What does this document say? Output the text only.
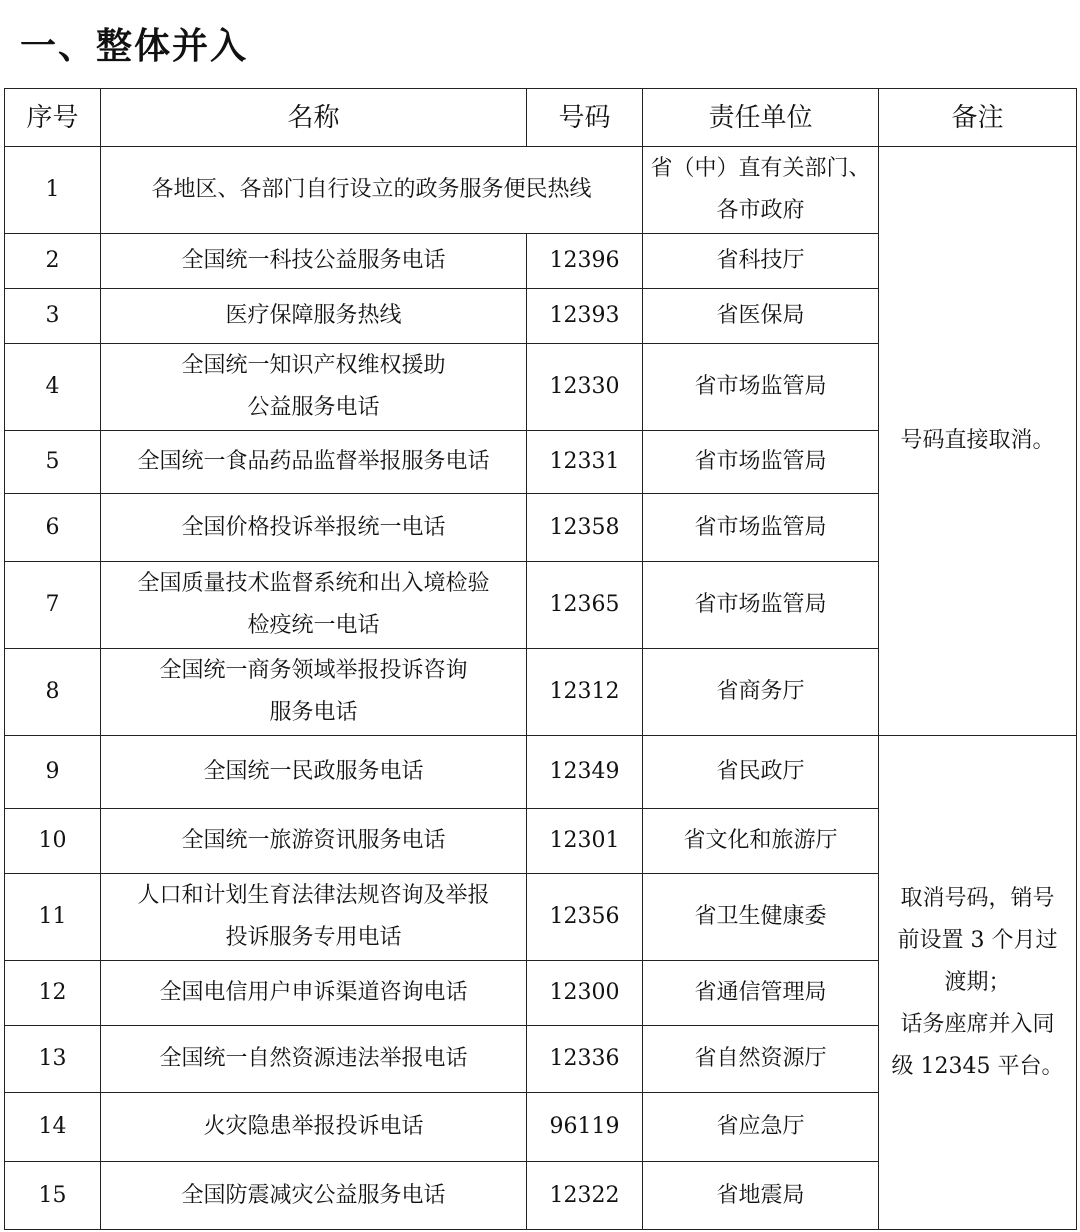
一、整体并入
序号	名称	号码	责任单位	备注
1	各地区、各部门自行设立的政务服务便民热线		省（中）直有关部门、
各市政府	号码直接取消。

2	全国统一科技公益服务电话	12396	省科技厅	

3	医疗保障服务热线	12393	省医保局	

4	全国统一知识产权维权援助
公益服务电话	12330	省市场监管局	

5	全国统一食品药品监督举报服务电话	12331	省市场监管局	

6	全国价格投诉举报统一电话	12358	省市场监管局	

7	全国质量技术监督系统和出入境检验
检疫统一电话	12365	省市场监管局	

8	全国统一商务领域举报投诉咨询
服务电话	12312	省商务厅	

9	全国统一民政服务电话	12349	省民政厅	取消号码，销号
前设置 3 个月过
渡期；
话务座席并入同
级 12345 平台。

10	全国统一旅游资讯服务电话	12301	省文化和旅游厅	

11	人口和计划生育法律法规咨询及举报
投诉服务专用电话	12356	省卫生健康委	

12	全国电信用户申诉渠道咨询电话	12300	省通信管理局	

13	全国统一自然资源违法举报电话	12336	省自然资源厅	

14	火灾隐患举报投诉电话	96119	省应急厅	

15	全国防震减灾公益服务电话	12322	省地震局	
